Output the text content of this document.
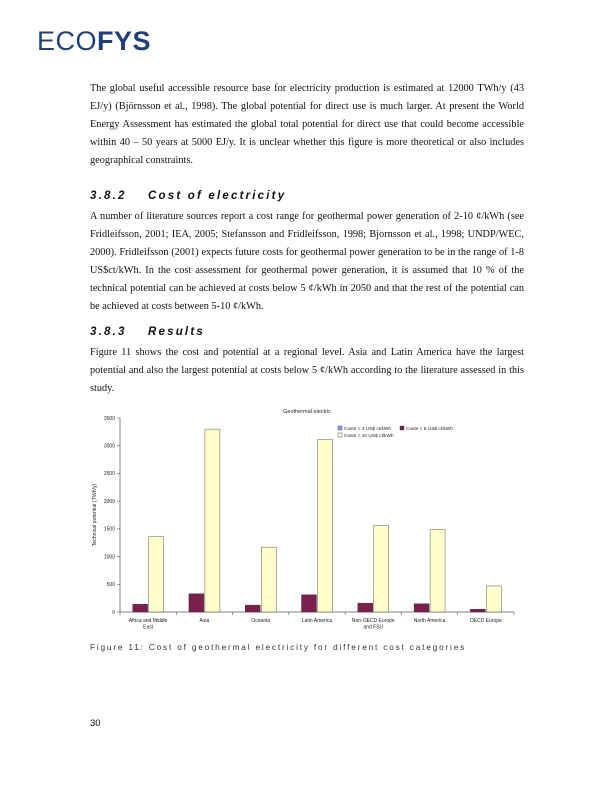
ECOFYS

The global useful accessible resource base for electricity production is estimated at 12000 TWh/y (43 EJ/y) (Björnsson et al., 1998). The global potential for direct use is much larger. At present the World Energy Assessment has estimated the global total potential for direct use that could become accessible within 40 – 50 years at 5000 EJ/y. It is unclear whether this figure is more theoretical or also includes geographical constraints.

3.8.2 Cost of electricity

A number of literature sources report a cost range for geothermal power generation of 2-10 ¢/kWh (see Fridleifsson, 2001; IEA, 2005; Stefansson and Fridleifsson, 1998; Bjornsson et al., 1998; UNDP/WEC, 2000). Fridleifsson (2001) expects future costs for geothermal power generation to be in the range of 1-8 US$ct/kWh. In the cost assessment for geothermal power generation, it is assumed that 10 % of the technical potential can be achieved at costs below 5 ¢/kWh in 2050 and that the rest of the potential can be achieved at costs between 5-10 ¢/kWh.

3.8.3 Results

Figure 11 shows the cost and potential at a regional level. Asia and Latin America have the largest potential and also the largest potential at costs below 5 ¢/kWh according to the literature assessed in this study.

Geothermal electric
Technical potential (TWh/y)
0
500
1000
1500
2000
2500
3000
3500
Africa and Middle
East
Asia	Oceania	Latin America	Non-OECD Europe
and FSU
North America	OECD Europe
Costs < 3 US$ ct/kWh	Costs < 5 US$ ct/kWh
Costs < 10 US$ ct/kWh
Figure 11: Cost of geothermal electricity for different cost categories
30
